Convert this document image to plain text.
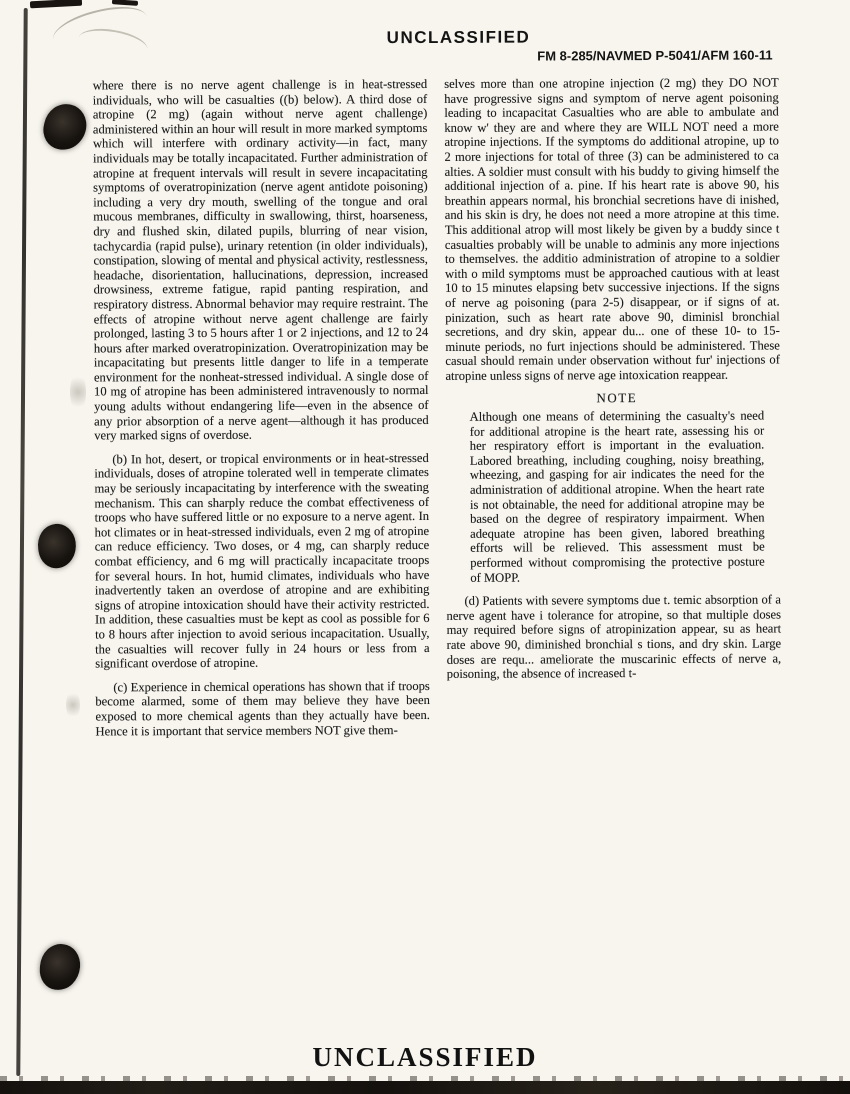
UNCLASSIFIED
FM 8-285/NAVMED P-5041/AFM 160-11

where there is no nerve agent challenge is in heat-stressed individuals, who will be casualties ((b) below). A third dose of atropine (2 mg) (again without nerve agent challenge) administered within an hour will result in more marked symptoms which will interfere with ordinary activity—in fact, many individuals may be totally incapacitated. Further administration of atropine at frequent intervals will result in severe incapacitating symptoms of overatropinization (nerve agent antidote poisoning) including a very dry mouth, swelling of the tongue and oral mucous membranes, difficulty in swallowing, thirst, hoarseness, dry and flushed skin, dilated pupils, blurring of near vision, tachycardia (rapid pulse), urinary retention (in older individuals), constipation, slowing of mental and physical activity, restlessness, headache, disorientation, hallucinations, depression, increased drowsiness, extreme fatigue, rapid panting respiration, and respiratory distress. Abnormal behavior may require restraint. The effects of atropine without nerve agent challenge are fairly prolonged, lasting 3 to 5 hours after 1 or 2 injections, and 12 to 24 hours after marked overatropinization. Overatropinization may be incapacitating but presents little danger to life in a temperate environment for the nonheat-stressed individual. A single dose of 10 mg of atropine has been administered intravenously to normal young adults without endangering life—even in the absence of any prior absorption of a nerve agent—although it has produced very marked signs of overdose.

(b) In hot, desert, or tropical environments or in heat-stressed individuals, doses of atropine tolerated well in temperate climates may be seriously incapacitating by interference with the sweating mechanism. This can sharply reduce the combat effectiveness of troops who have suffered little or no exposure to a nerve agent. In hot climates or in heat-stressed individuals, even 2 mg of atropine can reduce efficiency. Two doses, or 4 mg, can sharply reduce combat efficiency, and 6 mg will practically incapacitate troops for several hours. In hot, humid climates, individuals who have inadvertently taken an overdose of atropine and are exhibiting signs of atropine intoxication should have their activity restricted. In addition, these casualties must be kept as cool as possible for 6 to 8 hours after injection to avoid serious incapacitation. Usually, the casualties will recover fully in 24 hours or less from a significant overdose of atropine.

(c) Experience in chemical operations has shown that if troops become alarmed, some of them may believe they have been exposed to more chemical agents than they actually have been. Hence it is important that service members NOT give them-

selves more than one atropine injection (2 mg) they DO NOT have progressive signs and symptom of nerve agent poisoning leading to incapacitat Casualties who are able to ambulate and know w' they are and where they are WILL NOT need a more atropine injections. If the symptoms do additional atropine, up to 2 more injections for total of three (3) can be administered to ca alties. A soldier must consult with his buddy to giving himself the additional injection of a. pine. If his heart rate is above 90, his breathin appears normal, his bronchial secretions have di inished, and his skin is dry, he does not need a more atropine at this time. This additional atrop will most likely be given by a buddy since t casualties probably will be unable to adminis any more injections to themselves. the additio administration of atropine to a soldier with o mild symptoms must be approached cautious with at least 10 to 15 minutes elapsing betv successive injections. If the signs of nerve ag poisoning (para 2-5) disappear, or if signs of at. pinization, such as heart rate above 90, diminisl bronchial secretions, and dry skin, appear du... one of these 10- to 15-minute periods, no furt injections should be administered. These casual should remain under observation without fur' injections of atropine unless signs of nerve age intoxication reappear.

NOTE

Although one means of determining the casualty's need for additional atropine is the heart rate, assessing his or her respiratory effort is important in the evaluation. Labored breathing, including coughing, noisy breathing, wheezing, and gasping for air indicates the need for the administration of additional atropine. When the heart rate is not obtainable, the need for additional atropine may be based on the degree of respiratory impairment. When adequate atropine has been given, labored breathing efforts will be relieved. This assessment must be performed without compromising the protective posture of MOPP.

(d) Patients with severe symptoms due t. temic absorption of a nerve agent have i tolerance for atropine, so that multiple doses may required before signs of atropinization appear, su as heart rate above 90, diminished bronchial s tions, and dry skin. Large doses are requ... ameliorate the muscarinic effects of nerve a, poisoning, the absence of increased t-

UNCLASSIFIED
